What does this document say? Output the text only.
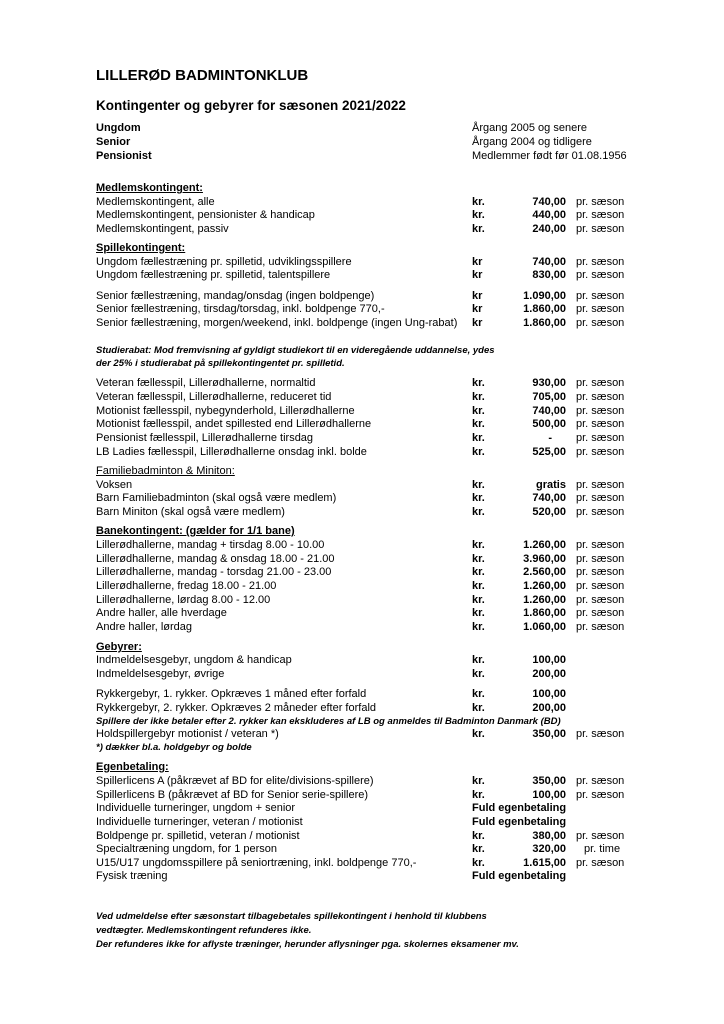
LILLERØD BADMINTONKLUB
Kontingenter og gebyrer for sæsonen 2021/2022
Ungdom	Årgang 2005 og senere
Senior	Årgang 2004 og tidligere
Pensionist	Medlemmer født før 01.08.1956
Medlemskontingent:
Medlemskontingent, alle	kr.	740,00 pr. sæson
Medlemskontingent, pensionister & handicap	kr.	440,00 pr. sæson
Medlemskontingent, passiv	kr.	240,00 pr. sæson
Spillekontingent:
Ungdom fællestræning pr. spilletid, udviklingsspillere	kr	740,00 pr. sæson
Ungdom fællestræning pr. spilletid, talentspillere	kr	830,00 pr. sæson
Senior fællestræning, mandag/onsdag (ingen boldpenge)	kr	1.090,00 pr. sæson
Senior fællestræning, tirsdag/torsdag, inkl. boldpenge 770,-	kr	1.860,00 pr. sæson
Senior fællestræning, morgen/weekend, inkl. boldpenge (ingen Ung-rabat) kr	1.860,00 pr. sæson
Studierabat: Mod fremvisning af gyldigt studiekort til en videregående uddannelse, ydes
der 25% i studierabat på spillekontingentet pr. spilletid.
Veteran fællesspil, Lillerødhallerne, normaltid	kr.	930,00 pr. sæson
Veteran fællesspil, Lillerødhallerne, reduceret tid	kr.	705,00 pr. sæson
Motionist fællesspil, nybegynderhold, Lillerødhallerne	kr.	740,00 pr. sæson
Motionist fællesspil, andet spillested end Lillerødhallerne	kr.	500,00 pr. sæson
Pensionist fællesspil, Lillerødhallerne tirsdag	kr.	- pr. sæson
LB Ladies fællesspil, Lillerødhallerne onsdag inkl. bolde	kr.	525,00 pr. sæson
Familiebadminton & Miniton:
Voksen	kr.	gratis pr. sæson
Barn Familiebadminton (skal også være medlem)	kr.	740,00 pr. sæson
Barn Miniton (skal også være medlem)	kr.	520,00 pr. sæson
Banekontingent: (gælder for 1/1 bane)
Lillerødhallerne, mandag + tirsdag 8.00 - 10.00	kr.	1.260,00 pr. sæson
Lillerødhallerne, mandag & onsdag 18.00 - 21.00	kr.	3.960,00 pr. sæson
Lillerødhallerne, mandag - torsdag 21.00 - 23.00	kr.	2.560,00 pr. sæson
Lillerødhallerne, fredag 18.00 - 21.00	kr.	1.260,00 pr. sæson
Lillerødhallerne, lørdag 8.00 - 12.00	kr.	1.260,00 pr. sæson
Andre haller, alle hverdage	kr.	1.860,00 pr. sæson
Andre haller, lørdag	kr.	1.060,00 pr. sæson
Gebyrer:
Indmeldelsesgebyr, ungdom & handicap	kr.	100,00
Indmeldelsesgebyr, øvrige	kr.	200,00
Rykkergebyr, 1. rykker. Opkræves 1 måned efter forfald	kr.	100,00
Rykkergebyr, 2. rykker. Opkræves 2 måneder efter forfald	kr.	200,00
Spillere der ikke betaler efter 2. rykker kan ekskluderes af LB og anmeldes til Badminton Danmark (BD)
Holdspillergebyr motionist / veteran *)	kr.	350,00 pr. sæson
*) dækker bl.a. holdgebyr og bolde
Egenbetaling:
Spillerlicens A (påkrævet af BD for elite/divisions-spillere)	kr.	350,00 pr. sæson
Spillerlicens B (påkrævet af BD for Senior serie-spillere)	kr.	100,00 pr. sæson
Individuelle turneringer, ungdom + senior	Fuld egenbetaling
Individuelle turneringer, veteran / motionist	Fuld egenbetaling
Boldpenge pr. spilletid, veteran / motionist	kr.	380,00 pr. sæson
Specialtræning ungdom, for 1 person	kr.	320,00 pr. time
U15/U17 ungdomsspillere på seniortræning, inkl. boldpenge 770,-	kr.	1.615,00 pr. sæson
Fysisk træning	Fuld egenbetaling
Ved udmeldelse efter sæsonstart tilbagebetales spillekontingent i henhold til klubbens
vedtægter. Medlemskontingent refunderes ikke.
Der refunderes ikke for aflyste træninger, herunder aflysninger pga. skolernes eksamener mv.
